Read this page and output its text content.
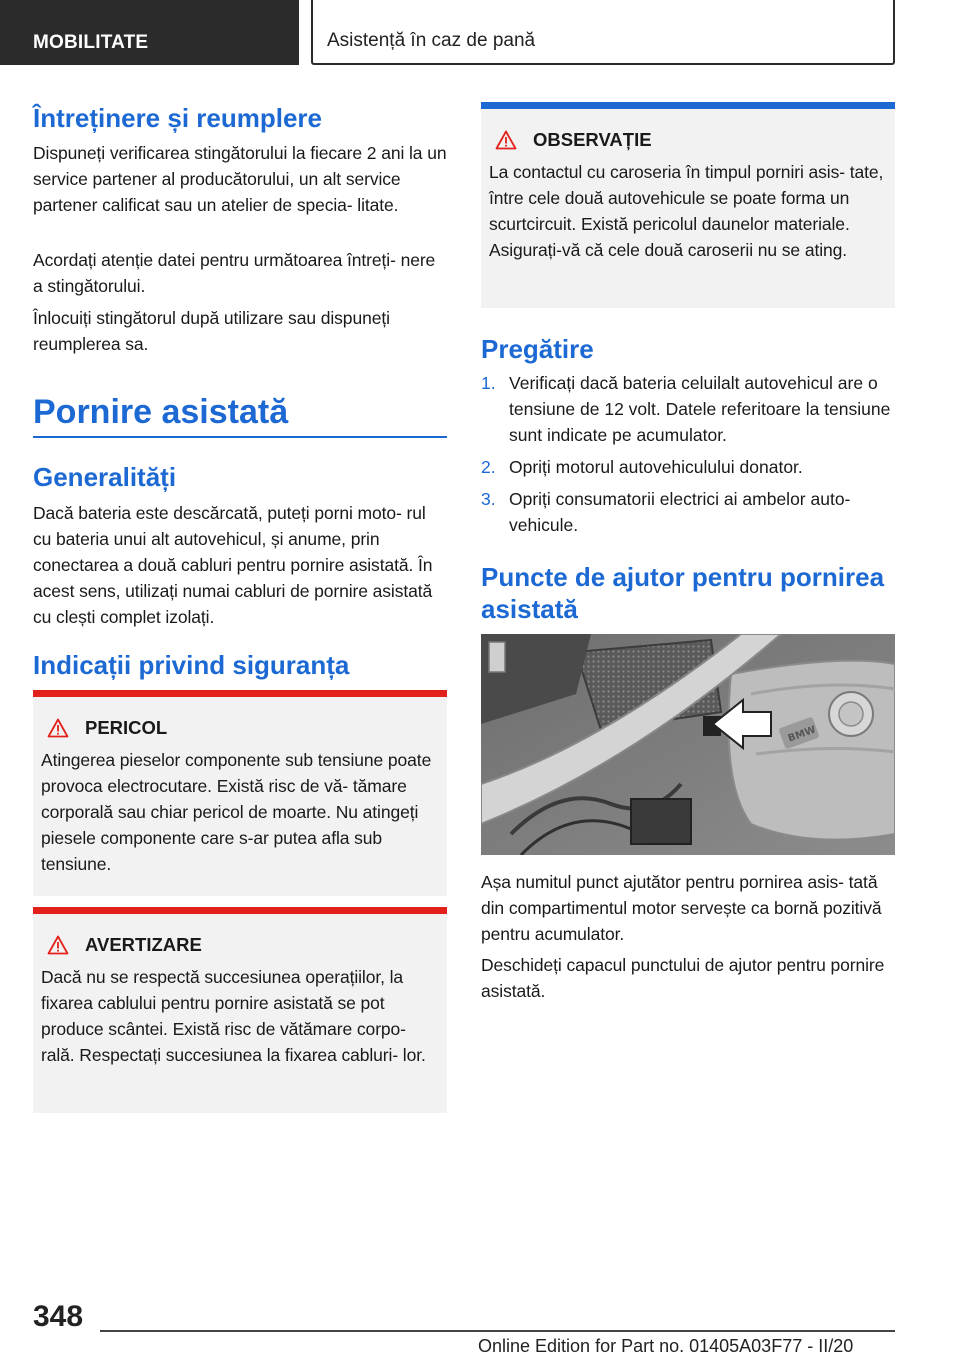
MOBILITATE	Asistență în caz de pană
Întreținere și reumplere

Dispuneți verificarea stingătorului la fiecare 2 ani la un service partener al producătorului, un alt service partener calificat sau un atelier de specia‐ litate.

Acordați atenție datei pentru următoarea întreți‐ nere a stingătorului.

Înlocuiți stingătorul după utilizare sau dispuneți reumplerea sa.

Pornire asistată
Generalități

Dacă bateria este descărcată, puteți porni moto‐ rul cu bateria unui alt autovehicul, și anume, prin conectarea a două cabluri pentru pornire asistată. În acest sens, utilizați numai cabluri de pornire asistată cu clești complet izolați.

Indicații privind siguranța
PERICOL

Atingerea pieselor componente sub tensiune poate provoca electrocutare. Există risc de vă‐ tămare corporală sau chiar pericol de moarte. Nu atingeți piesele componente care s-ar putea afla sub tensiune.

AVERTIZARE

Dacă nu se respectă succesiunea operațiilor, la fixarea cablului pentru pornire asistată se pot produce scântei. Există risc de vătămare corpo‐ rală. Respectați succesiunea la fixarea cabluri‐ lor.

OBSERVAȚIE

La contactul cu caroseria în timpul porniri asis‐ tate, între cele două autovehicule se poate forma un scurtcircuit. Există pericolul daunelor materiale. Asigurați-vă că cele două caroserii nu se ating.

Pregătire
1. Verificați dacă bateria celuilalt autovehicul are o tensiune de 12 volt. Datele referitoare la tensiune sunt indicate pe acumulator.
2. Opriți motorul autovehiculului donator.
3. Opriți consumatorii electrici ai ambelor auto‐ vehicule.
Puncte de ajutor pentru pornirea asistată
BMW

Așa numitul punct ajutător pentru pornirea asis‐ tată din compartimentul motor servește ca bornă pozitivă pentru acumulator.

Deschideți capacul punctului de ajutor pentru pornire asistată.

348
Online Edition for Part no. 01405A03F77 - II/20
